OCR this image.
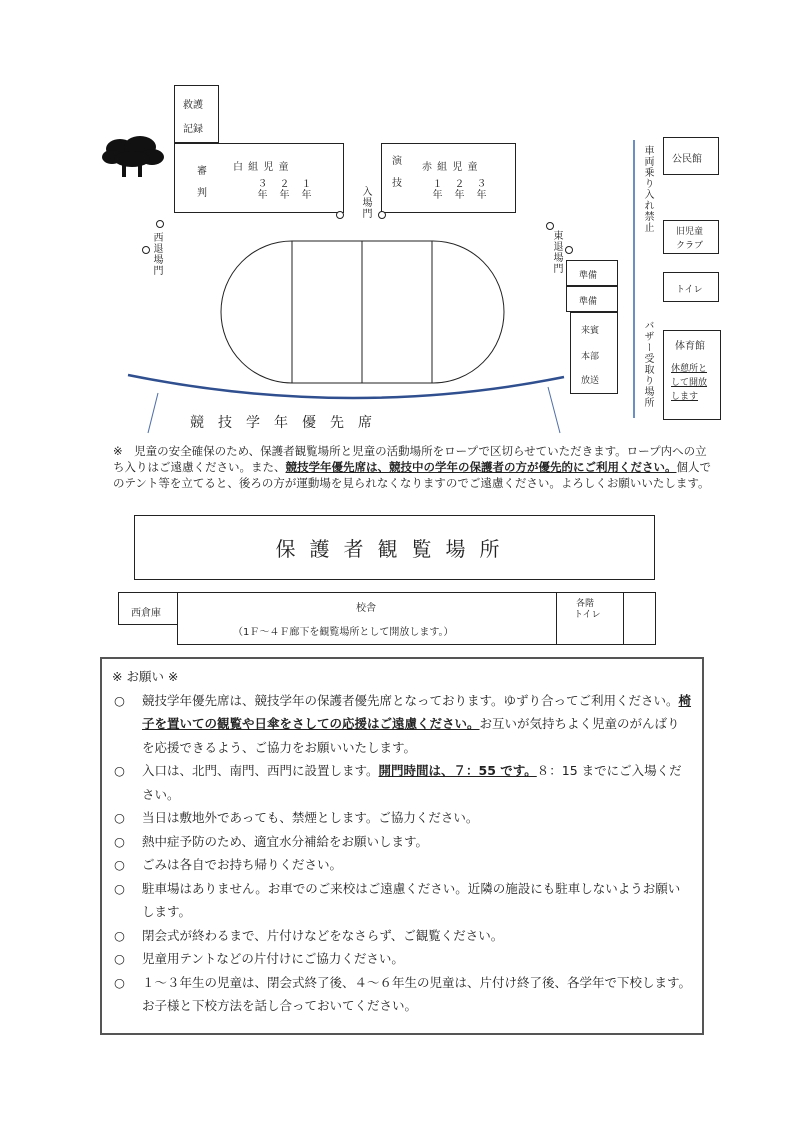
救護
記録
審
判
白 組 児 童
３年 ２年 １年
演
技
赤 組 児 童
１年 ２年 ３年
入場門
西退場門	東退場門
競　技　学　年　優　先　席
準備
準備
来賓
本部
放送
車両乗り入れ禁止
バザー受取り場所
公民館
旧児童
クラブ
トイレ
体育館
休憩所と
して開放
します
※　 児童の安全確保のため、保護者観覧場所と児童の活動場所をロープで区切らせていただきます。ロープ内への立ち入りはご遠慮ください。また、競技学年優先席は、競技中の学年の保護者の方が優先的にご利用ください。個人でのテント等を立てると、後ろの方が運動場を見られなくなりますのでご遠慮ください。よろしくお願いいたします。
保護者観覧場所
西倉庫	校舎
（1Ｆ～４Ｆ廊下を観覧場所として開放します。）
各階
トイレ
※ お願い ※
○	競技学年優先席は、競技学年の保護者優先席となっております。ゆずり合ってご利用ください。椅子を置いての観覧や日傘をさしての応援はご遠慮ください。お互いが気持ちよく児童のがんばりを応援できるよう、ご協力をお願いいたします。
○	入口は、北門、南門、西門に設置します。開門時間は、７：55 です。８：15 までにご入場ください。
○	当日は敷地外であっても、禁煙とします。ご協力ください。
○	熱中症予防のため、適宜水分補給をお願いします。
○	ごみは各自でお持ち帰りください。
○	駐車場はありません。お車でのご来校はご遠慮ください。近隣の施設にも駐車しないようお願いします。
○	閉会式が終わるまで、片付けなどをなさらず、ご観覧ください。
○	児童用テントなどの片付けにご協力ください。
○	１～３年生の児童は、閉会式終了後、４～６年生の児童は、片付け終了後、各学年で下校します。お子様と下校方法を話し合っておいてください。
